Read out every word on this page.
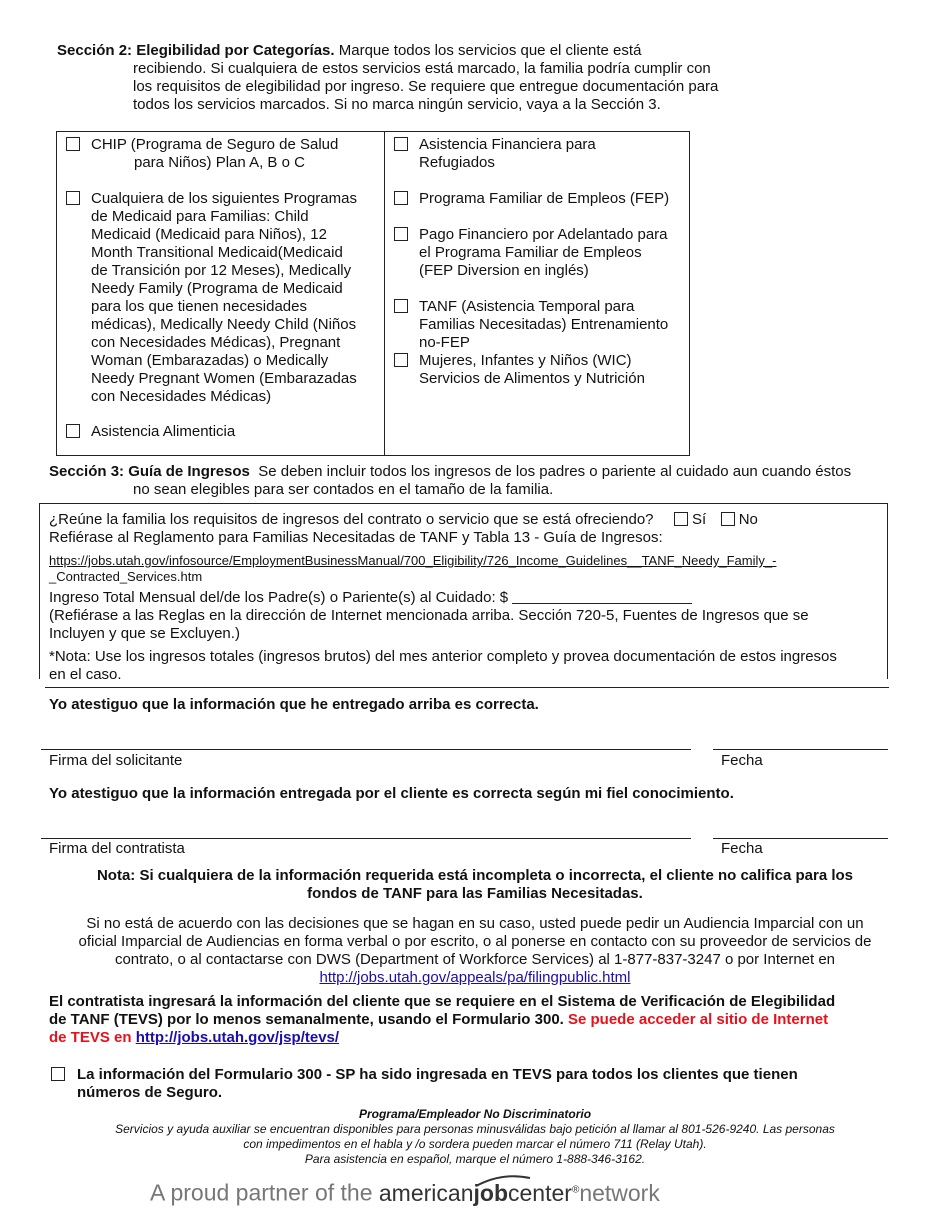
Sección 2: Elegibilidad por Categorías. Marque todos los servicios que el cliente está
recibiendo. Si cualquiera de estos servicios está marcado, la familia podría cumplir con
los requisitos de elegibilidad por ingreso. Se requiere que entregue documentación para
todos los servicios marcados. Si no marca ningún servicio, vaya a la Sección 3.
CHIP (Programa de Seguro de Salud
para Niños) Plan A, B o C
Cualquiera de los siguientes Programas
de Medicaid para Familias: Child
Medicaid (Medicaid para Niños), 12
Month Transitional Medicaid(Medicaid
de Transición por 12 Meses), Medically
Needy Family (Programa de Medicaid
para los que tienen necesidades
médicas), Medically Needy Child (Niños
con Necesidades Médicas), Pregnant
Woman (Embarazadas) o Medically
Needy Pregnant Women (Embarazadas
con Necesidades Médicas)
Asistencia Alimenticia
Asistencia Financiera para
Refugiados
Programa Familiar de Empleos (FEP)
Pago Financiero por Adelantado para
el Programa Familiar de Empleos
(FEP Diversion en inglés)
TANF (Asistencia Temporal para
Familias Necesitadas) Entrenamiento
no-FEP
Mujeres, Infantes y Niños (WIC)
Servicios de Alimentos y Nutrición
Sección 3: Guía de Ingresos Se deben incluir todos los ingresos de los padres o pariente al cuidado aun cuando éstos
no sean elegibles para ser contados en el tamaño de la familia.
¿Reúne la familia los requisitos de ingresos del contrato o servicio que se está ofreciendo?	Sí No
Refiérase al Reglamento para Familias Necesitadas de TANF y Tabla 13 - Guía de Ingresos:
https://jobs.utah.gov/infosource/EmploymentBusinessManual/700_Eligibility/726_Income_Guidelines__TANF_Needy_Family_-
_Contracted_Services.htm
Ingreso Total Mensual del/de los Padre(s) o Pariente(s) al Cuidado: $
(Refiérase a las Reglas en la dirección de Internet mencionada arriba. Sección 720-5, Fuentes de Ingresos que se
Incluyen y que se Excluyen.)
*Nota: Use los ingresos totales (ingresos brutos) del mes anterior completo y provea documentación de estos ingresos
en el caso.
Yo atestiguo que la información que he entregado arriba es correcta.
Firma del solicitante	Fecha
Yo atestiguo que la información entregada por el cliente es correcta según mi fiel conocimiento.
Firma del contratista	Fecha
Nota: Si cualquiera de la información requerida está incompleta o incorrecta, el cliente no califica para los
fondos de TANF para las Familias Necesitadas.
Si no está de acuerdo con las decisiones que se hagan en su caso, usted puede pedir un Audiencia Imparcial con un
oficial Imparcial de Audiencias en forma verbal o por escrito, o al ponerse en contacto con su proveedor de servicios de
contrato, o al contactarse con DWS (Department of Workforce Services) al 1-877-837-3247 o por Internet en
http://jobs.utah.gov/appeals/pa/filingpublic.html
El contratista ingresará la información del cliente que se requiere en el Sistema de Verificación de Elegibilidad
de TANF (TEVS) por lo menos semanalmente, usando el Formulario 300. Se puede acceder al sitio de Internet
de TEVS en http://jobs.utah.gov/jsp/tevs/
La información del Formulario 300 - SP ha sido ingresada en TEVS para todos los clientes que tienen
números de Seguro.
Programa/Empleador No Discriminatorio
Servicios y ayuda auxiliar se encuentran disponibles para personas minusválidas bajo petición al llamar al 801-526-9240. Las personas
con impedimentos en el habla y /o sordera pueden marcar el número 711 (Relay Utah).
Para asistencia en español, marque el número 1-888-346-3162.
A proud partner of the americanjobcenter®network
